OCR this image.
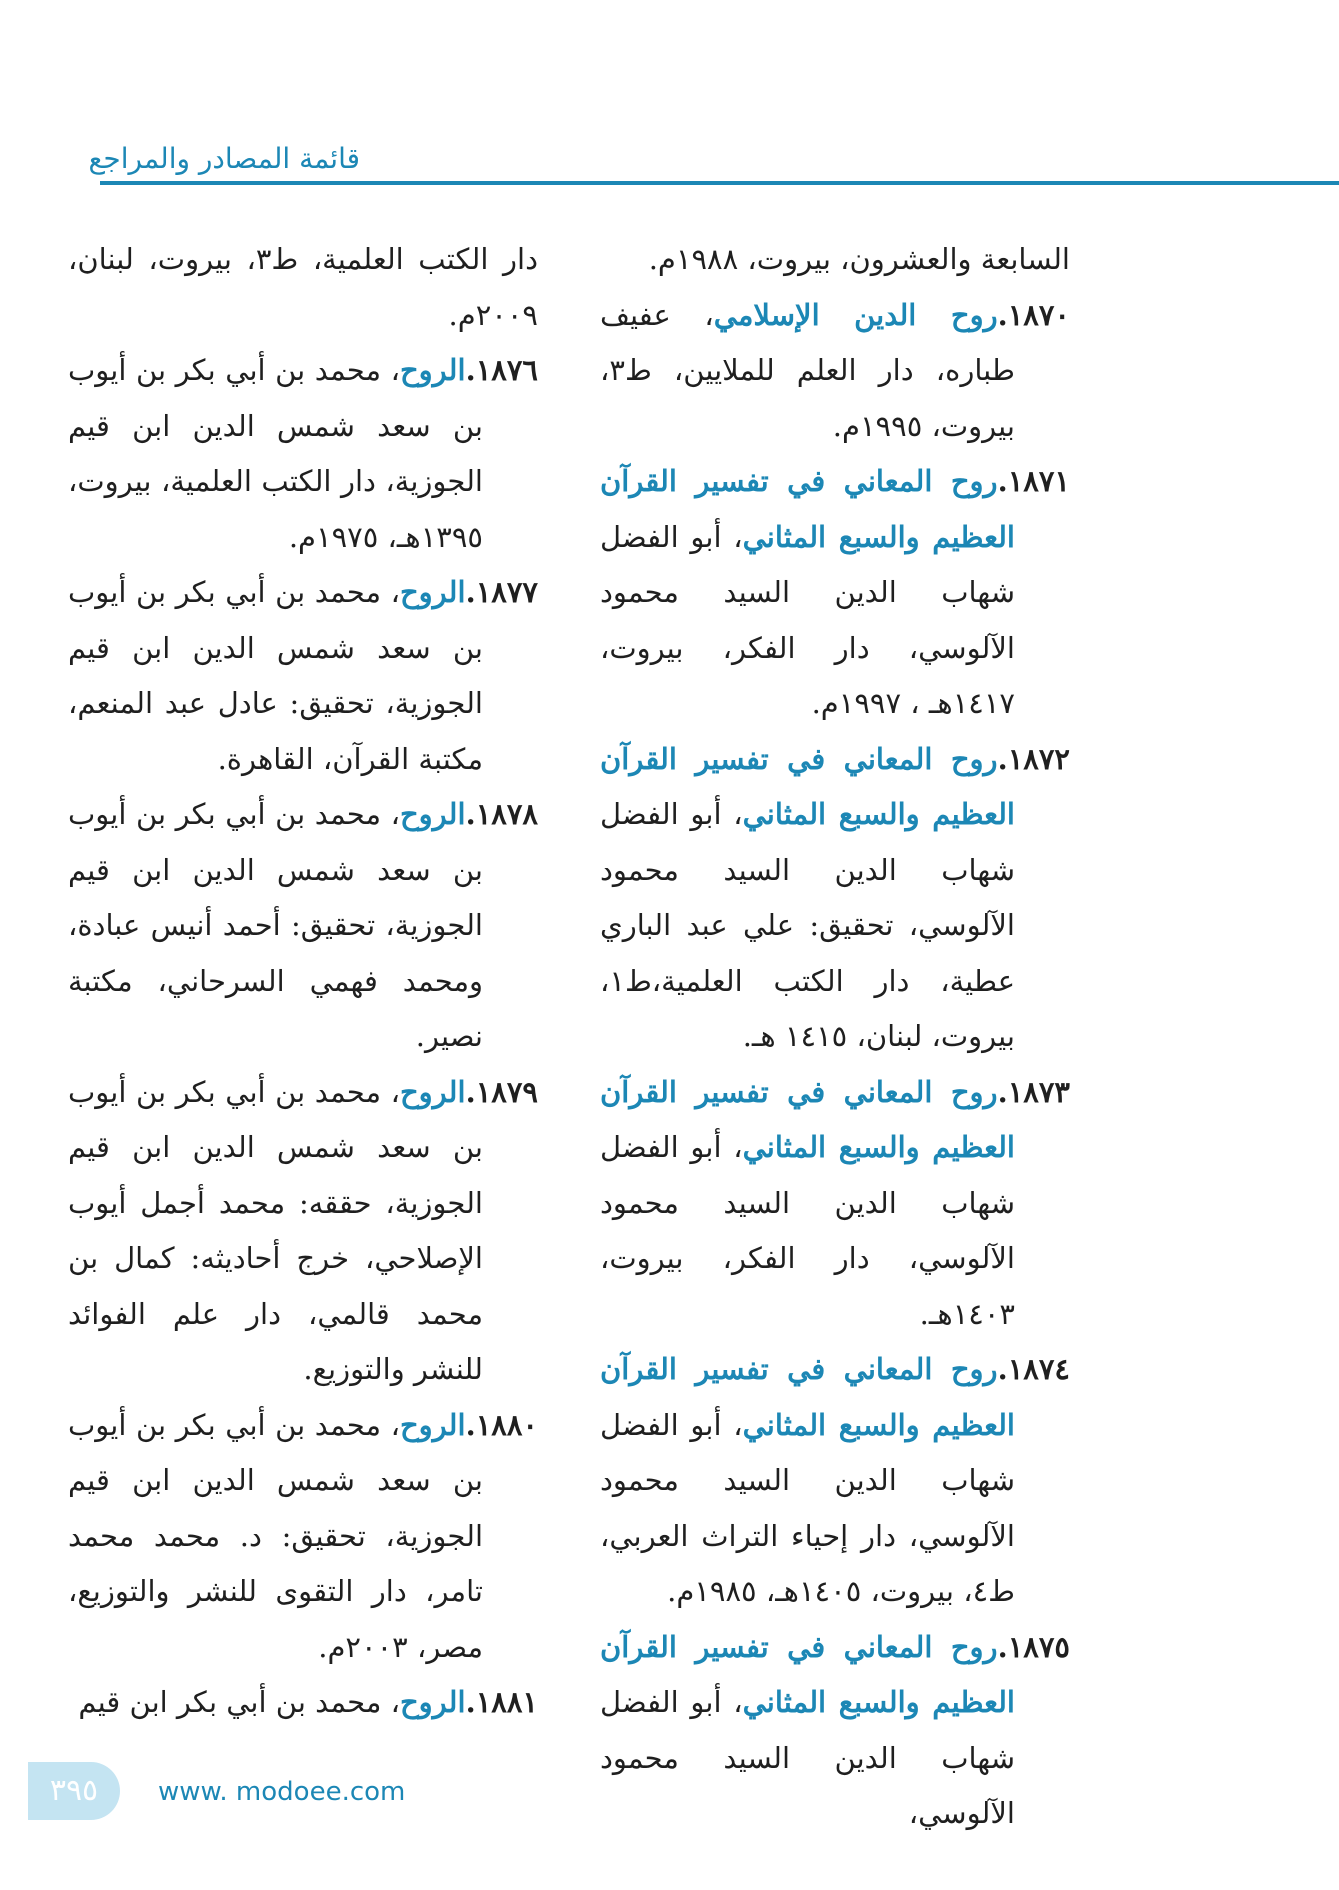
قائمة المصادر والمراجع

السابعة والعشرون، بيروت، ١٩٨٨م.

١٨٧٠.روح الدين الإسلامي، عفيف طباره، دار العلم للملايين، ط٣، بيروت، ١٩٩٥م.

١٨٧١.روح المعاني في تفسير القرآن العظيم والسبع المثاني، أبو الفضل شهاب الدين السيد محمود الآلوسي، دار الفكر، بيروت، ١٤١٧هـ ، ١٩٩٧م.

١٨٧٢.روح المعاني في تفسير القرآن العظيم والسبع المثاني، أبو الفضل شهاب الدين السيد محمود الآلوسي، تحقيق: علي عبد الباري عطية، دار الكتب العلمية،ط١، بيروت، لبنان، ١٤١٥ هـ.

١٨٧٣.روح المعاني في تفسير القرآن العظيم والسبع المثاني، أبو الفضل شهاب الدين السيد محمود الآلوسي، دار الفكر، بيروت، ١٤٠٣هـ.

١٨٧٤.روح المعاني في تفسير القرآن العظيم والسبع المثاني، أبو الفضل شهاب الدين السيد محمود الآلوسي، دار إحياء التراث العربي، ط٤، بيروت، ١٤٠٥هـ، ١٩٨٥م.

١٨٧٥.روح المعاني في تفسير القرآن العظيم والسبع المثاني، أبو الفضل شهاب الدين السيد محمود الآلوسي،

دار الكتب العلمية، ط٣، بيروت، لبنان، ٢٠٠٩م.

١٨٧٦.الروح، محمد بن أبي بكر بن أيوب بن سعد شمس الدين ابن قيم الجوزية، دار الكتب العلمية، بيروت، ١٣٩٥هـ، ١٩٧٥م.

١٨٧٧.الروح، محمد بن أبي بكر بن أيوب بن سعد شمس الدين ابن قيم الجوزية، تحقيق: عادل عبد المنعم، مكتبة القرآن، القاهرة.

١٨٧٨.الروح، محمد بن أبي بكر بن أيوب بن سعد شمس الدين ابن قيم الجوزية، تحقيق: أحمد أنيس عبادة، ومحمد فهمي السرحاني، مكتبة نصير.

١٨٧٩.الروح، محمد بن أبي بكر بن أيوب بن سعد شمس الدين ابن قيم الجوزية، حققه: محمد أجمل أيوب الإصلاحي، خرج أحاديثه: كمال بن محمد قالمي، دار علم الفوائد للنشر والتوزيع.

١٨٨٠.الروح، محمد بن أبي بكر بن أيوب بن سعد شمس الدين ابن قيم الجوزية، تحقيق: د. محمد محمد تامر، دار التقوى للنشر والتوزيع، مصر، ٢٠٠٣م.

١٨٨١.الروح، محمد بن أبي بكر ابن قيم

٣٩٥	www. modoee.com
